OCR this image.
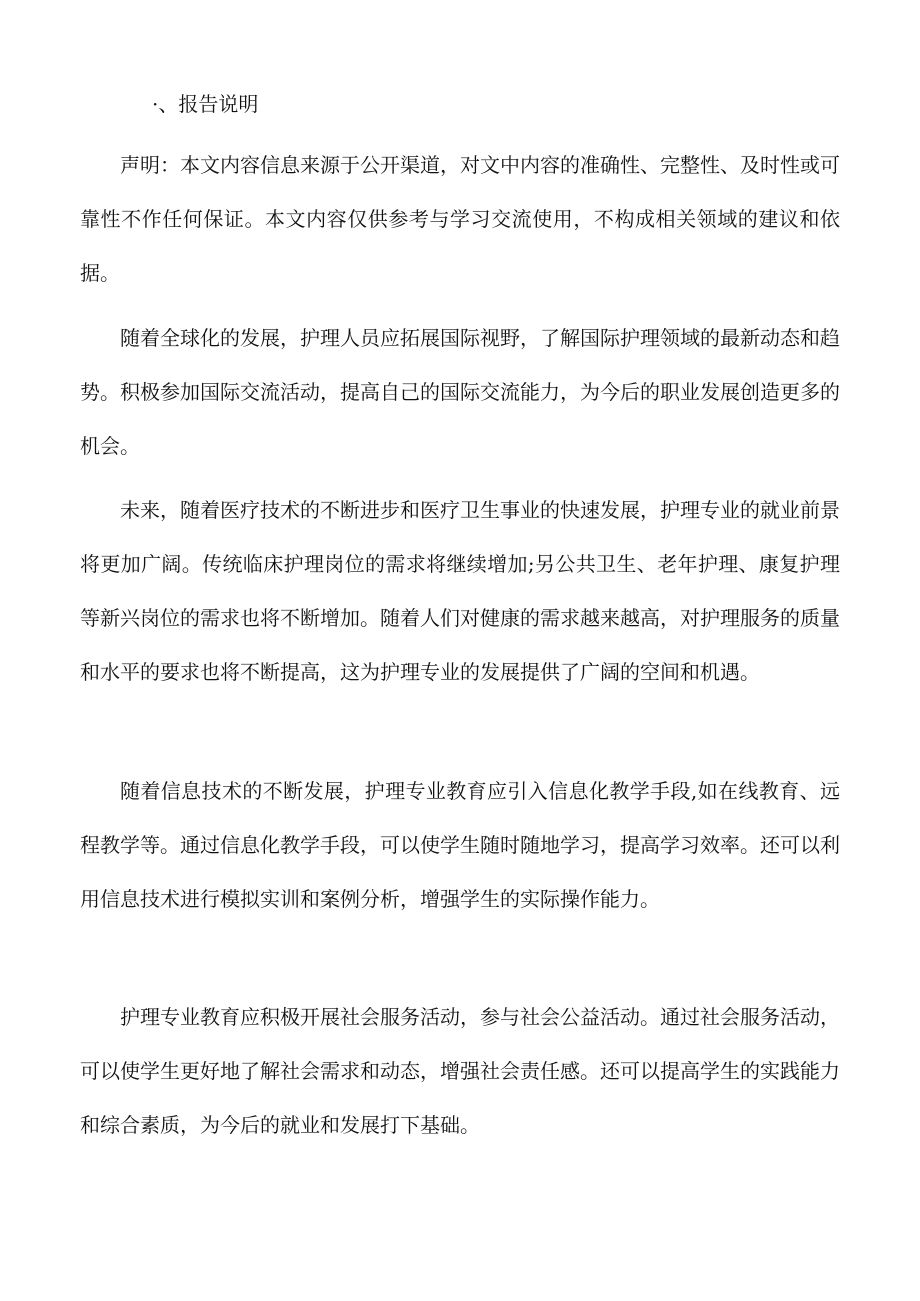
·、报告说明

声明：本文内容信息来源于公开渠道，对文中内容的准确性、完整性、及时性或可靠性不作任何保证。本文内容仅供参考与学习交流使用，不构成相关领域的建议和依据。

随着全球化的发展，护理人员应拓展国际视野，了解国际护理领域的最新动态和趋势。积极参加国际交流活动，提高自己的国际交流能力，为今后的职业发展创造更多的机会。

未来，随着医疗技术的不断进步和医疗卫生事业的快速发展，护理专业的就业前景将更加广阔。传统临床护理岗位的需求将继续增加;另公共卫生、老年护理、康复护理等新兴岗位的需求也将不断增加。随着人们对健康的需求越来越高，对护理服务的质量和水平的要求也将不断提高，这为护理专业的发展提供了广阔的空间和机遇。

随着信息技术的不断发展，护理专业教育应引入信息化教学手段,如在线教育、远程教学等。通过信息化教学手段，可以使学生随时随地学习，提高学习效率。还可以利用信息技术进行模拟实训和案例分析，增强学生的实际操作能力。

护理专业教育应积极开展社会服务活动，参与社会公益活动。通过社会服务活动，可以使学生更好地了解社会需求和动态，增强社会责任感。还可以提高学生的实践能力和综合素质，为今后的就业和发展打下基础。
